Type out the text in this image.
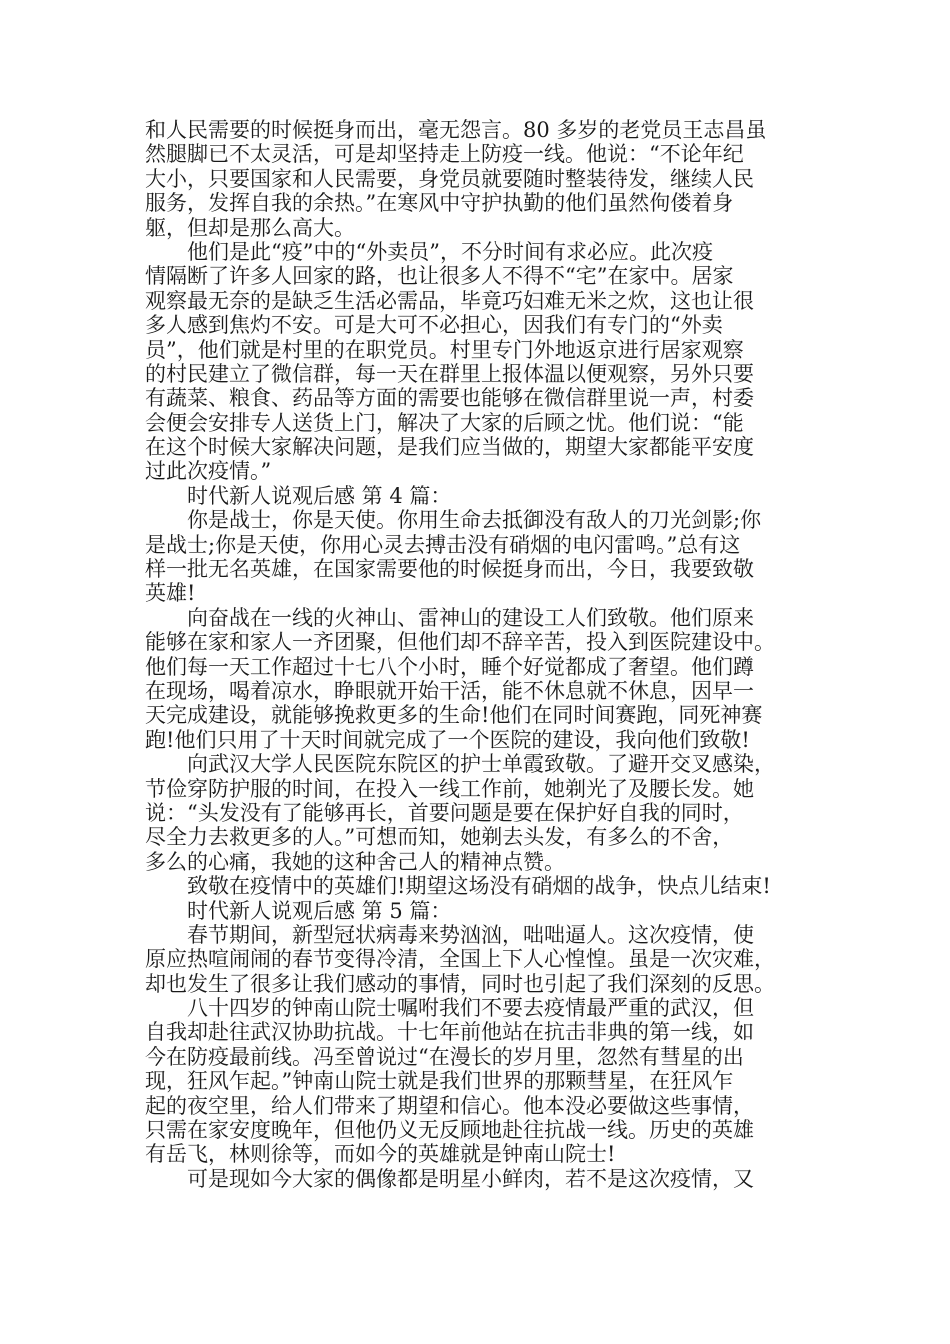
和人民需要的时候挺身而出，毫无怨言。80 多岁的老党员王志昌虽
然腿脚已不太灵活，可是却坚持走上防疫一线。他说：“不论年纪
大小，只要国家和人民需要，身党员就要随时整装待发，继续人民
服务，发挥自我的余热。”在寒风中守护执勤的他们虽然佝偻着身
躯，但却是那么高大。
他们是此“疫”中的“外卖员”，不分时间有求必应。此次疫
情隔断了许多人回家的路，也让很多人不得不“宅”在家中。居家
观察最无奈的是缺乏生活必需品，毕竟巧妇难无米之炊，这也让很
多人感到焦灼不安。可是大可不必担心，因我们有专门的“外卖
员”，他们就是村里的在职党员。村里专门外地返京进行居家观察
的村民建立了微信群，每一天在群里上报体温以便观察，另外只要
有蔬菜、粮食、药品等方面的需要也能够在微信群里说一声，村委
会便会安排专人送货上门，解决了大家的后顾之忧。他们说：“能
在这个时候大家解决问题，是我们应当做的，期望大家都能平安度
过此次疫情。”
时代新人说观后感 第 4 篇：
你是战士，你是天使。你用生命去抵御没有敌人的刀光剑影;你
是战士;你是天使，你用心灵去搏击没有硝烟的电闪雷鸣。”总有这
样一批无名英雄，在国家需要他的时候挺身而出，今日，我要致敬
英雄!
向奋战在一线的火神山、雷神山的建设工人们致敬。他们原来
能够在家和家人一齐团聚，但他们却不辞辛苦，投入到医院建设中。
他们每一天工作超过十七八个小时，睡个好觉都成了奢望。他们蹲
在现场，喝着凉水，睁眼就开始干活，能不休息就不休息，因早一
天完成建设，就能够挽救更多的生命!他们在同时间赛跑，同死神赛
跑!他们只用了十天时间就完成了一个医院的建设，我向他们致敬!
向武汉大学人民医院东院区的护士单霞致敬。了避开交叉感染，
节俭穿防护服的时间，在投入一线工作前，她剃光了及腰长发。她
说：“头发没有了能够再长，首要问题是要在保护好自我的同时，
尽全力去救更多的人。”可想而知，她剃去头发，有多么的不舍，
多么的心痛，我她的这种舍己人的精神点赞。
致敬在疫情中的英雄们!期望这场没有硝烟的战争，快点儿结束!
时代新人说观后感 第 5 篇：
春节期间，新型冠状病毒来势汹汹，咄咄逼人。这次疫情，使
原应热喧闹闹的春节变得冷清，全国上下人心惶惶。虽是一次灾难，
却也发生了很多让我们感动的事情，同时也引起了我们深刻的反思。
八十四岁的钟南山院士嘱咐我们不要去疫情最严重的武汉，但
自我却赴往武汉协助抗战。十七年前他站在抗击非典的第一线，如
今在防疫最前线。冯至曾说过“在漫长的岁月里，忽然有彗星的出
现，狂风乍起。”钟南山院士就是我们世界的那颗彗星，在狂风乍
起的夜空里，给人们带来了期望和信心。他本没必要做这些事情，
只需在家安度晚年，但他仍义无反顾地赴往抗战一线。历史的英雄
有岳飞，林则徐等，而如今的英雄就是钟南山院士!
可是现如今大家的偶像都是明星小鲜肉，若不是这次疫情，又
